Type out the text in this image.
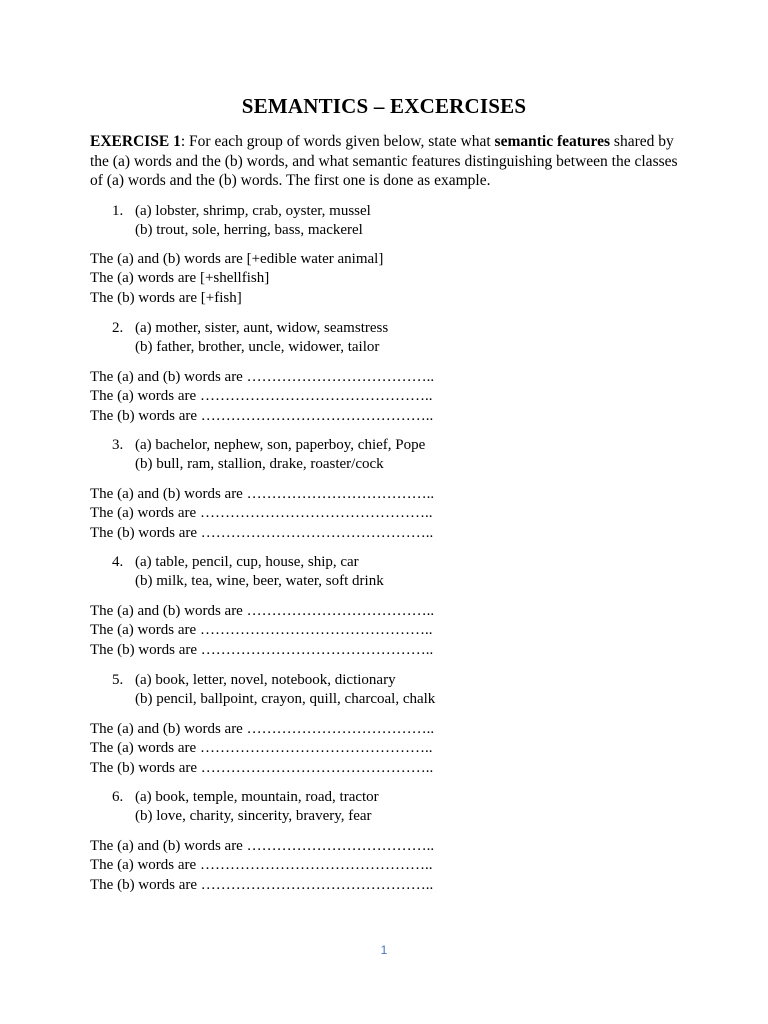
SEMANTICS – EXCERCISES
EXERCISE 1: For each group of words given below, state what semantic features shared by the (a) words and the (b) words, and what semantic features distinguishing between the classes of (a) words and the (b) words. The first one is done as example.
1. (a) lobster, shrimp, crab, oyster, mussel
(b) trout, sole, herring, bass, mackerel
The (a) and (b) words are [+edible water animal]
The (a) words are [+shellfish]
The (b) words are [+fish]
2. (a) mother, sister, aunt, widow, seamstress
(b) father, brother, uncle, widower, tailor
The (a) and (b) words are ………………………………..
The (a) words are ………………………………………..
The (b) words are ………………………………………..
3. (a) bachelor, nephew, son, paperboy, chief, Pope
(b) bull, ram, stallion, drake, roaster/cock
The (a) and (b) words are ………………………………..
The (a) words are ………………………………………..
The (b) words are ………………………………………..
4. (a) table, pencil, cup, house, ship, car
(b) milk, tea, wine, beer, water, soft drink
The (a) and (b) words are ………………………………..
The (a) words are ………………………………………..
The (b) words are ………………………………………..
5. (a) book, letter, novel, notebook, dictionary
(b) pencil, ballpoint, crayon, quill, charcoal, chalk
The (a) and (b) words are ………………………………..
The (a) words are ………………………………………..
The (b) words are ………………………………………..
6. (a) book, temple, mountain, road, tractor
(b) love, charity, sincerity, bravery, fear
The (a) and (b) words are ………………………………..
The (a) words are ………………………………………..
The (b) words are ………………………………………..
1
